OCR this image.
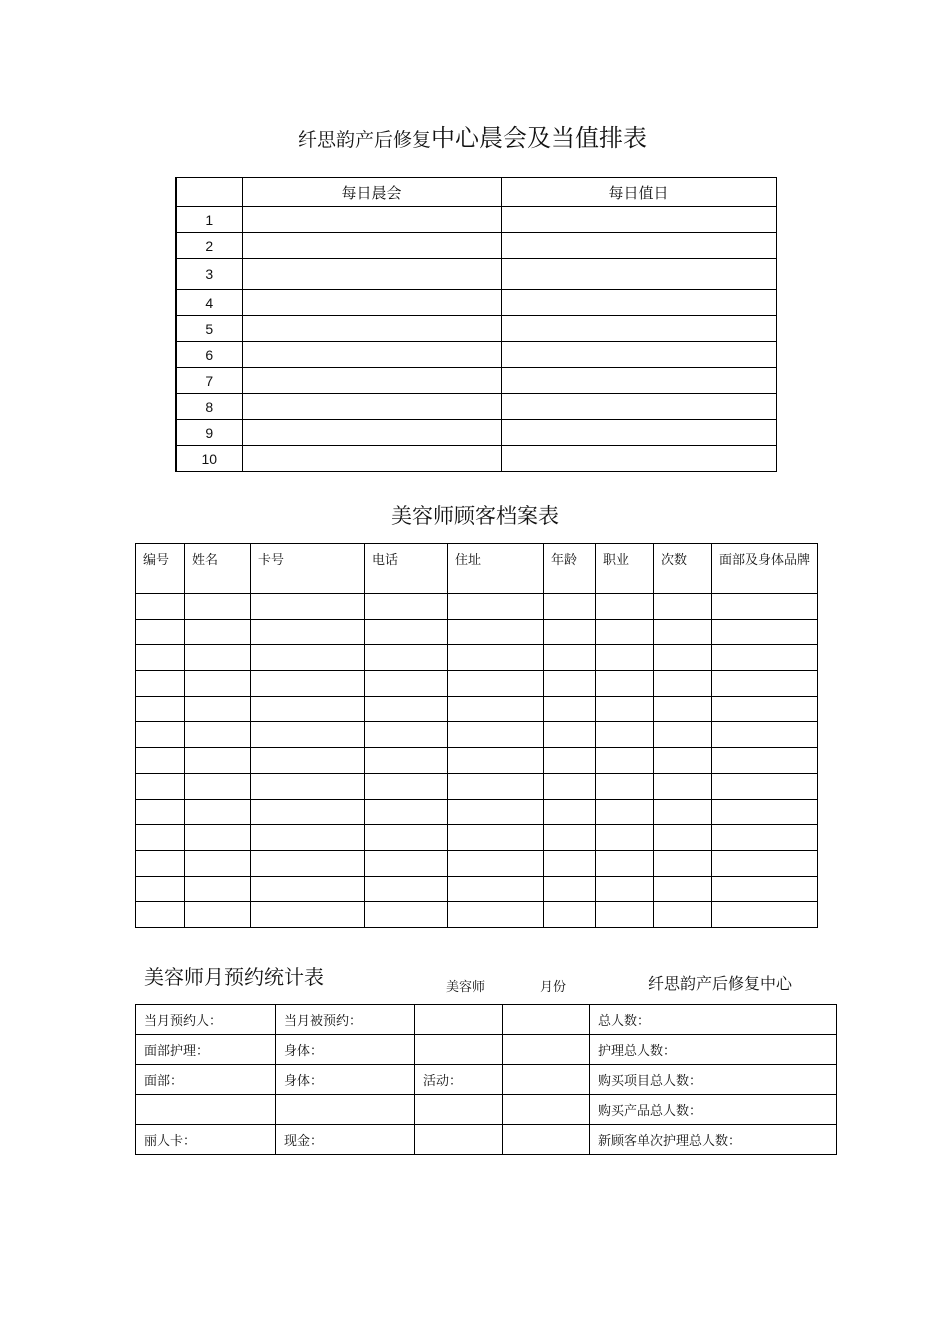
纤思韵产后修复中心晨会及当值排表
	每日晨会	每日值日
1		
2		
3		
4		
5		
6		
7		
8		
9		
10		
美容师顾客档案表
编号	姓名	卡号	电话	住址	年龄	职业	次数	面部及身体品牌

美容师月预约统计表	美容师	月份	纤思韵产后修复中心
当月预约人：	当月被预约：			总人数：
面部护理：	身体：			护理总人数：
面部：	身体：	活动：		购买项目总人数：
				购买产品总人数：
丽人卡：	现金：			新顾客单次护理总人数：
